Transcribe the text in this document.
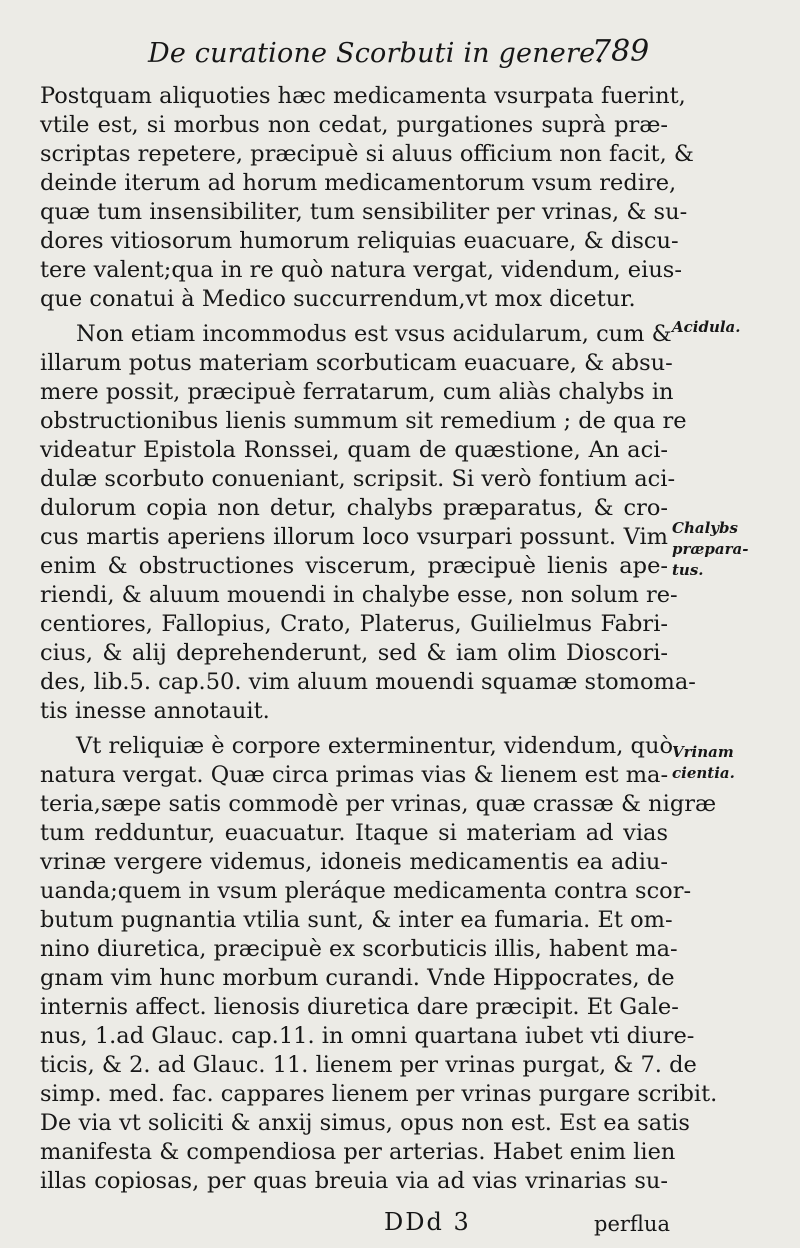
De curatione Scorbuti in genere.
789
Postquam aliquoties hæc medicamenta vsurpata fuerint,
vtile est, si morbus non cedat, purgationes suprà præ-
scriptas repetere, præcipuè si aluus officium non facit, &
deinde iterum ad horum medicamentorum vsum redire,
quæ tum insensibiliter, tum sensibiliter per vrinas, & su-
dores vitiosorum humorum reliquias euacuare, & discu-
tere valent;qua in re quò natura vergat, videndum, eius-
que conatui à Medico succurrendum,vt mox dicetur.
Non etiam incommodus est vsus acidularum, cum &
illarum potus materiam scorbuticam euacuare, & absu-
mere possit, præcipuè ferratarum, cum aliàs chalybs in
obstructionibus lienis summum sit remedium ; de qua re
videatur Epistola Ronssei, quam de quæstione, An aci-
dulæ scorbuto conueniant, scripsit. Si verò fontium aci-
dulorum copia non detur, chalybs præparatus, & cro-
cus martis aperiens illorum loco vsurpari possunt. Vim
enim & obstructiones viscerum, præcipuè lienis ape-
riendi, & aluum mouendi in chalybe esse, non solum re-
centiores, Fallopius, Crato, Platerus, Guilielmus Fabri-
cius, & alij deprehenderunt, sed & iam olim Dioscori-
des, lib.5. cap.50. vim aluum mouendi squamæ stomoma-
tis inesse annotauit.
Vt reliquiæ è corpore exterminentur, videndum, quò
natura vergat. Quæ circa primas vias & lienem est ma-
teria,sæpe satis commodè per vrinas, quæ crassæ & nigræ
tum redduntur, euacuatur. Itaque si materiam ad vias
vrinæ vergere videmus, idoneis medicamentis ea adiu-
uanda;quem in vsum pleráque medicamenta contra scor-
butum pugnantia vtilia sunt, & inter ea fumaria. Et om-
nino diuretica, præcipuè ex scorbuticis illis, habent ma-
gnam vim hunc morbum curandi. Vnde Hippocrates, de
internis affect. lienosis diuretica dare præcipit. Et Gale-
nus, 1.ad Glauc. cap.11. in omni quartana iubet vti diure-
ticis, & 2. ad Glauc. 11. lienem per vrinas purgat, & 7. de
simp. med. fac. cappares lienem per vrinas purgare scribit.
De via vt soliciti & anxij simus, opus non est. Est ea satis
manifesta & compendiosa per arterias. Habet enim lien
illas copiosas, per quas breuia via ad vias vrinarias su-
Acidula.
Chalybs
præpara-
tus.
Vrinam
cientia.
DDd 3	perflua
